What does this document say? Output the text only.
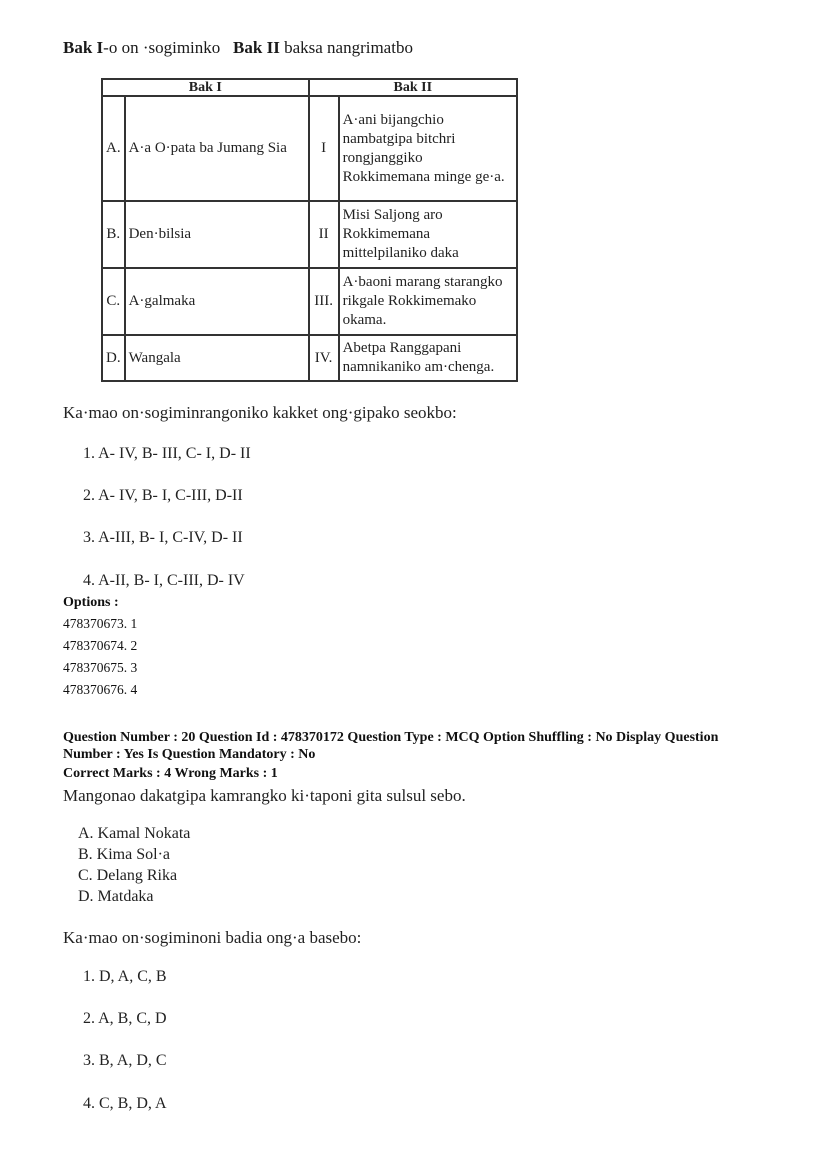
Bak I-o on ·sogiminko Bak II baksa nangrimatbo
Bak I		Bak II	
A.	A·a O·pata ba Jumang Sia	I	A·ani bijangchio nambatgipa bitchri rongjanggiko Rokkimemana minge ge·a.
B.	Den·bilsia	II	Misi Saljong aro Rokkimemana mittelpilaniko daka
C.	A·galmaka	III.	A·baoni marang starangko rikgale Rokkimemako okama.
D.	Wangala	IV.	Abetpa Ranggapani namnikaniko am·chenga.
Ka·mao on·sogiminrangoniko kakket ong·gipako seokbo:
1. A- IV, B- III, C- I, D- II
2. A- IV, B- I, C-III, D-II
3. A-III, B- I, C-IV, D- II
4. A-II, B- I, C-III, D- IV
Options :
478370673. 1
478370674. 2
478370675. 3
478370676. 4
Question Number : 20 Question Id : 478370172 Question Type : MCQ Option Shuffling : No Display Question Number : Yes Is Question Mandatory : No
Correct Marks : 4 Wrong Marks : 1
Mangonao dakatgipa kamrangko ki·taponi gita sulsul sebo.
A. Kamal Nokata
B. Kima Sol·a
C. Delang Rika
D. Matdaka
Ka·mao on·sogiminoni badia ong·a basebo:
1. D, A, C, B
2. A, B, C, D
3. B, A, D, C
4. C, B, D, A
